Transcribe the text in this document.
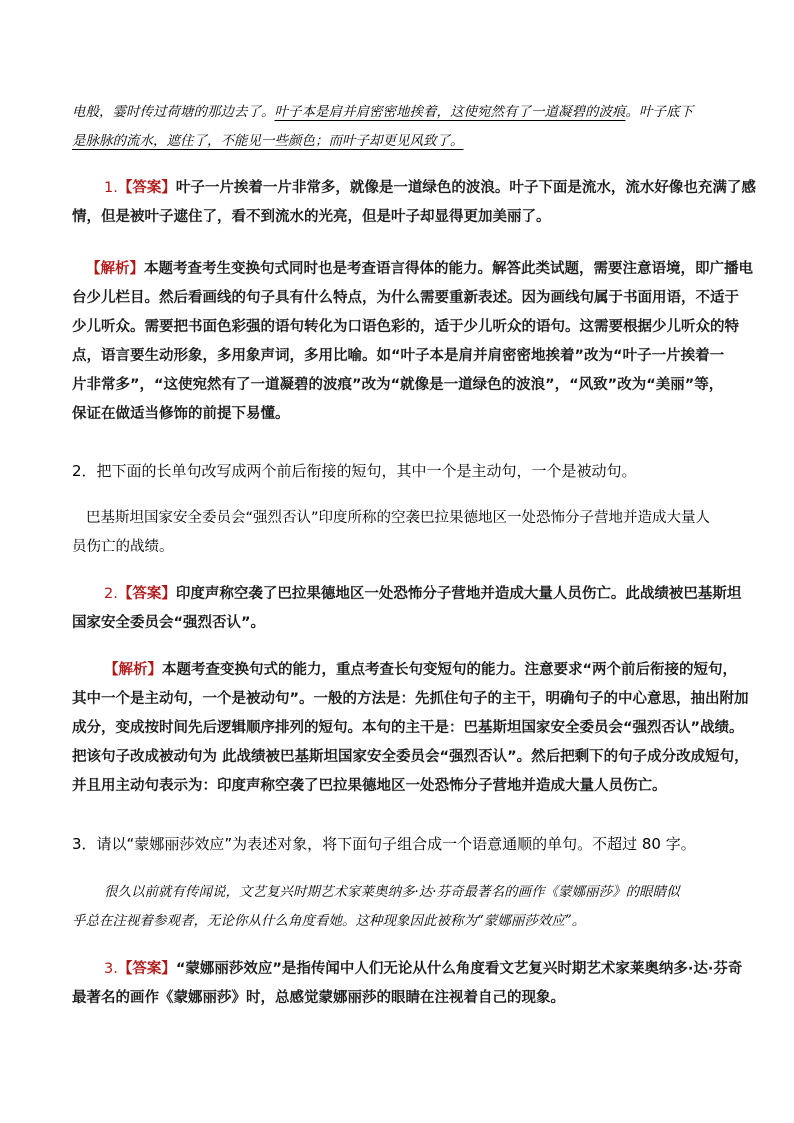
电般，霎时传过荷塘的那边去了。叶子本是肩并肩密密地挨着，这使宛然有了一道凝碧的波痕。叶子底下
是脉脉的流水，遮住了，不能见一些颜色；而叶子却更见风致了。
1.【答案】叶子一片挨着一片非常多，就像是一道绿色的波浪。叶子下面是流水，流水好像也充满了感
情，但是被叶子遮住了，看不到流水的光亮，但是叶子却显得更加美丽了。
【解析】本题考查考生变换句式同时也是考查语言得体的能力。解答此类试题，需要注意语境，即广播电
台少儿栏目。然后看画线的句子具有什么特点，为什么需要重新表述。因为画线句属于书面用语，不适于
少儿听众。需要把书面色彩强的语句转化为口语色彩的，适于少儿听众的语句。这需要根据少儿听众的特
点，语言要生动形象，多用象声词，多用比喻。如“叶子本是肩并肩密密地挨着”改为“叶子一片挨着一
片非常多”，“这使宛然有了一道凝碧的波痕”改为“就像是一道绿色的波浪”，“风致”改为“美丽”等，
保证在做适当修饰的前提下易懂。
2．把下面的长单句改写成两个前后衔接的短句，其中一个是主动句，一个是被动句。
巴基斯坦国家安全委员会“强烈否认”印度所称的空袭巴拉果德地区一处恐怖分子营地并造成大量人
员伤亡的战绩。
2.【答案】印度声称空袭了巴拉果德地区一处恐怖分子营地并造成大量人员伤亡。此战绩被巴基斯坦
国家安全委员会“强烈否认”。
【解析】本题考查变换句式的能力，重点考查长句变短句的能力。注意要求“两个前后衔接的短句，
其中一个是主动句，一个是被动句”。一般的方法是：先抓住句子的主干，明确句子的中心意思，抽出附加
成分，变成按时间先后逻辑顺序排列的短句。本句的主干是：巴基斯坦国家安全委员会“强烈否认”战绩。
把该句子改成被动句为 此战绩被巴基斯坦国家安全委员会“强烈否认”。然后把剩下的句子成分改成短句，
并且用主动句表示为：印度声称空袭了巴拉果德地区一处恐怖分子营地并造成大量人员伤亡。
3．请以“蒙娜丽莎效应”为表述对象，将下面句子组合成一个语意通顺的单句。不超过 80 字。
很久以前就有传闻说，文艺复兴时期艺术家莱奥纳多·达·芬奇最著名的画作《蒙娜丽莎》的眼睛似
乎总在注视着参观者，无论你从什么角度看她。这种现象因此被称为“蒙娜丽莎效应”。
3.【答案】“蒙娜丽莎效应”是指传闻中人们无论从什么角度看文艺复兴时期艺术家莱奥纳多·达·芬奇
最著名的画作《蒙娜丽莎》时，总感觉蒙娜丽莎的眼睛在注视着自己的现象。
